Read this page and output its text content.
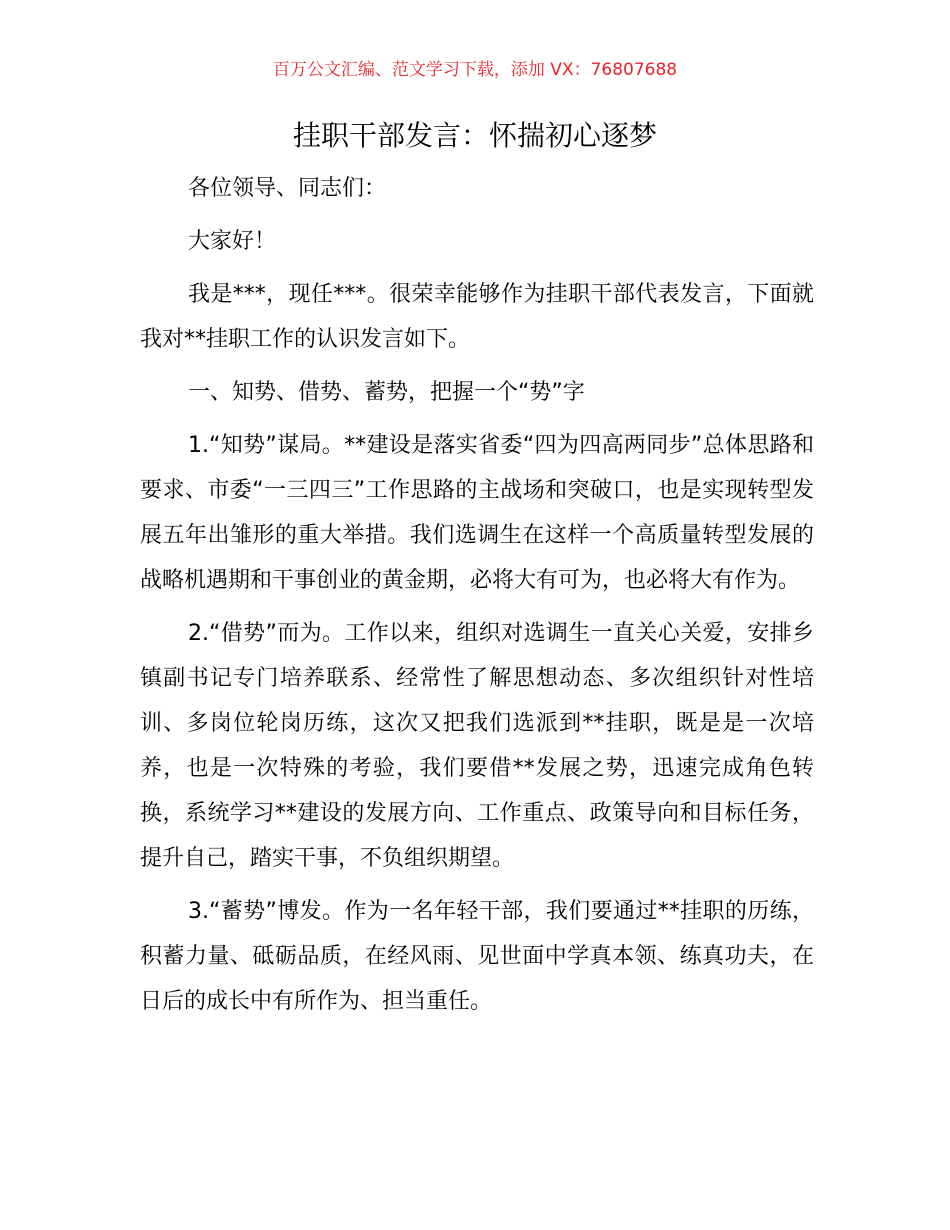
百万公文汇编、范文学习下载，添加 VX：76807688
挂职干部发言：怀揣初心逐梦

各位领导、同志们：

大家好！

我是***，现任***。很荣幸能够作为挂职干部代表发言，下面就我对**挂职工作的认识发言如下。

一、知势、借势、蓄势，把握一个“势”字

1.“知势”谋局。**建设是落实省委“四为四高两同步”总体思路和要求、市委“一三四三”工作思路的主战场和突破口，也是实现转型发展五年出雏形的重大举措。我们选调生在这样一个高质量转型发展的战略机遇期和干事创业的黄金期，必将大有可为，也必将大有作为。

2.“借势”而为。工作以来，组织对选调生一直关心关爱，安排乡镇副书记专门培养联系、经常性了解思想动态、多次组织针对性培训、多岗位轮岗历练，这次又把我们选派到**挂职，既是是一次培养，也是一次特殊的考验，我们要借**发展之势，迅速完成角色转换，系统学习**建设的发展方向、工作重点、政策导向和目标任务，提升自己，踏实干事，不负组织期望。

3.“蓄势”博发。作为一名年轻干部，我们要通过**挂职的历练，积蓄力量、砥砺品质，在经风雨、见世面中学真本领、练真功夫，在日后的成长中有所作为、担当重任。
